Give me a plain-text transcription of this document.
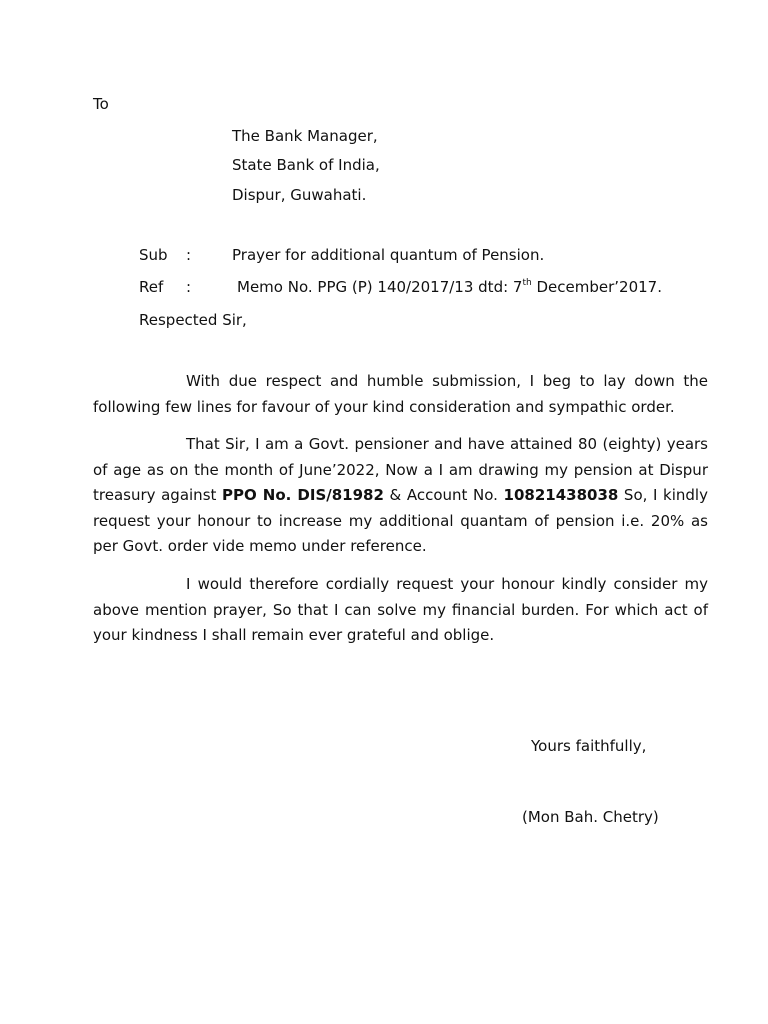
To
The Bank Manager,
State Bank of India,
Dispur, Guwahati.
Sub :	Prayer for additional quantum of Pension.
Ref :	Memo No. PPG (P) 140/2017/13 dtd: 7th December’2017.
Respected Sir,

With due respect and humble submission, I beg to lay down the following few lines for favour of your kind consideration and sympathic order.

That Sir, I am a Govt. pensioner and have attained 80 (eighty) years of age as on the month of June’2022, Now a I am drawing my pension at Dispur treasury against PPO No. DIS/81982 & Account No. 10821438038 So, I kindly request your honour to increase my additional quantam of pension i.e. 20% as per Govt. order vide memo under reference.

I would therefore cordially request your honour kindly consider my above mention prayer, So that I can solve my financial burden. For which act of your kindness I shall remain ever grateful and oblige.

Yours faithfully,
(Mon Bah. Chetry)
